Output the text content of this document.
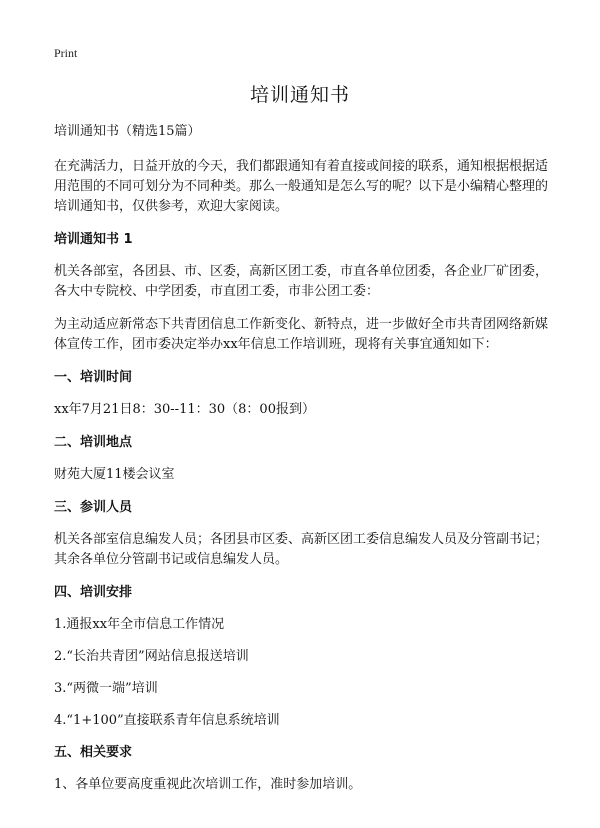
Print
培训通知书

培训通知书（精选15篇）

在充满活力，日益开放的今天，我们都跟通知有着直接或间接的联系，通知根据根据适用范围的不同可划分为不同种类。那么一般通知是怎么写的呢？以下是小编精心整理的培训通知书，仅供参考，欢迎大家阅读。

培训通知书 1

机关各部室，各团县、市、区委，高新区团工委，市直各单位团委，各企业厂矿团委，各大中专院校、中学团委，市直团工委，市非公团工委：

为主动适应新常态下共青团信息工作新变化、新特点，进一步做好全市共青团网络新媒体宣传工作，团市委决定举办xx年信息工作培训班，现将有关事宜通知如下：

一、培训时间

xx年7月21日8：30--11：30（8：00报到）

二、培训地点

财苑大厦11楼会议室

三、参训人员

机关各部室信息编发人员；各团县市区委、高新区团工委信息编发人员及分管副书记；其余各单位分管副书记或信息编发人员。

四、培训安排

1.通报xx年全市信息工作情况

2.“长治共青团”网站信息报送培训

3.“两微一端”培训

4.“1+100”直接联系青年信息系统培训

五、相关要求

1、各单位要高度重视此次培训工作，准时参加培训。
